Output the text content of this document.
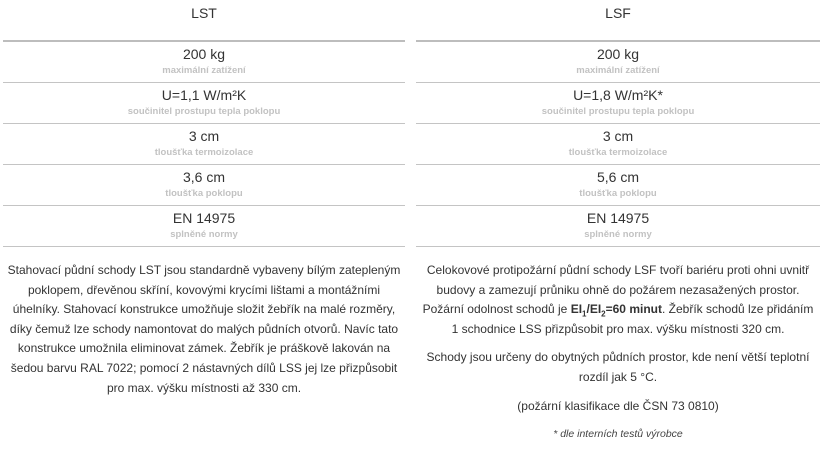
LST
200 kg
maximální zatížení
U=1,1 W/m²K
součinitel prostupu tepla poklopu
3 cm
tloušťka termoizolace
3,6 cm
tloušťka poklopu
EN 14975
splněné normy

Stahovací půdní schody LST jsou standardně vybaveny bílým zatepleným poklopem, dřevěnou skříní, kovovými krycími lištami a montážními úhelníky. Stahovací konstrukce umožňuje složit žebřík na malé rozměry, díky čemuž lze schody namontovat do malých půdních otvorů. Navíc tato konstrukce umožnila eliminovat zámek. Žebřík je práškově lakován na šedou barvu RAL 7022; pomocí 2 nástavných dílů LSS jej lze přizpůsobit pro max. výšku místnosti až 330 cm.

LSF
200 kg
maximální zatížení
U=1,8 W/m²K*
součinitel prostupu tepla poklopu
3 cm
tloušťka termoizolace
5,6 cm
tloušťka poklopu
EN 14975
splněné normy

Celokovové protipožární půdní schody LSF tvoří bariéru proti ohni uvnitř budovy a zamezují průniku ohně do požárem nezasažených prostor. Požární odolnost schodů je $EI_1/EI_2=60$ minut. Žebřík schodů lze přidáním 1 schodnice LSS přizpůsobit pro max. výšku místnosti 320 cm.

Schody jsou určeny do obytných půdních prostor, kde není větší teplotní rozdíl jak 5 °C.

(požární klasifikace dle ČSN 73 0810)

* dle interních testů výrobce
